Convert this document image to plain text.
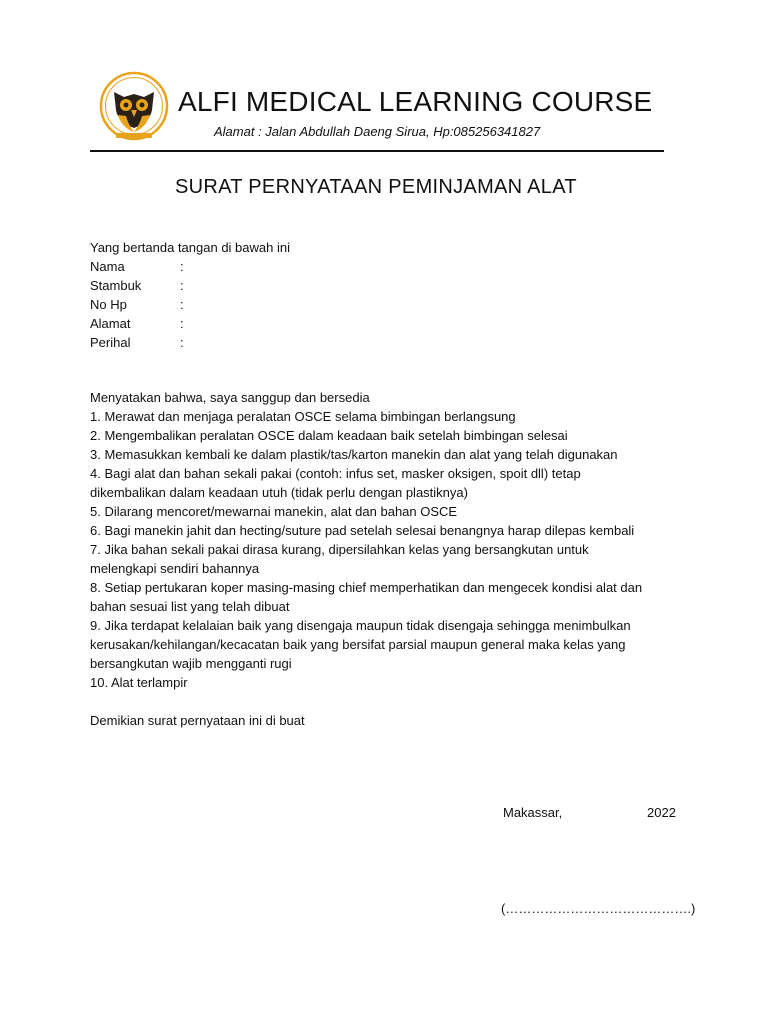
ALFI MEDICAL LEARNING COURSE
Alamat : Jalan Abdullah Daeng Sirua, Hp:085256341827
SURAT PERNYATAAN PEMINJAMAN ALAT
Yang bertanda tangan di bawah ini
Nama	:
Stambuk	:
No Hp	:
Alamat	:
Perihal	:
Menyatakan bahwa, saya sanggup dan bersedia
1. Merawat dan menjaga peralatan OSCE selama bimbingan berlangsung
2. Mengembalikan peralatan OSCE dalam keadaan baik setelah bimbingan selesai
3. Memasukkan kembali ke dalam plastik/tas/karton manekin dan alat yang telah digunakan
4. Bagi alat dan bahan sekali pakai (contoh: infus set, masker oksigen, spoit dll) tetap
dikembalikan dalam keadaan utuh (tidak perlu dengan plastiknya)
5. Dilarang mencoret/mewarnai manekin, alat dan bahan OSCE
6. Bagi manekin jahit dan hecting/suture pad setelah selesai benangnya harap dilepas kembali
7. Jika bahan sekali pakai dirasa kurang, dipersilahkan kelas yang bersangkutan untuk
melengkapi sendiri bahannya
8. Setiap pertukaran koper masing-masing chief memperhatikan dan mengecek kondisi alat dan
bahan sesuai list yang telah dibuat
9. Jika terdapat kelalaian baik yang disengaja maupun tidak disengaja sehingga menimbulkan
kerusakan/kehilangan/kecacatan baik yang bersifat parsial maupun general maka kelas yang
bersangkutan wajib mengganti rugi
10. Alat terlampir
Demikian surat pernyataan ini di buat
Makassar,	2022
(…………………………………….)
